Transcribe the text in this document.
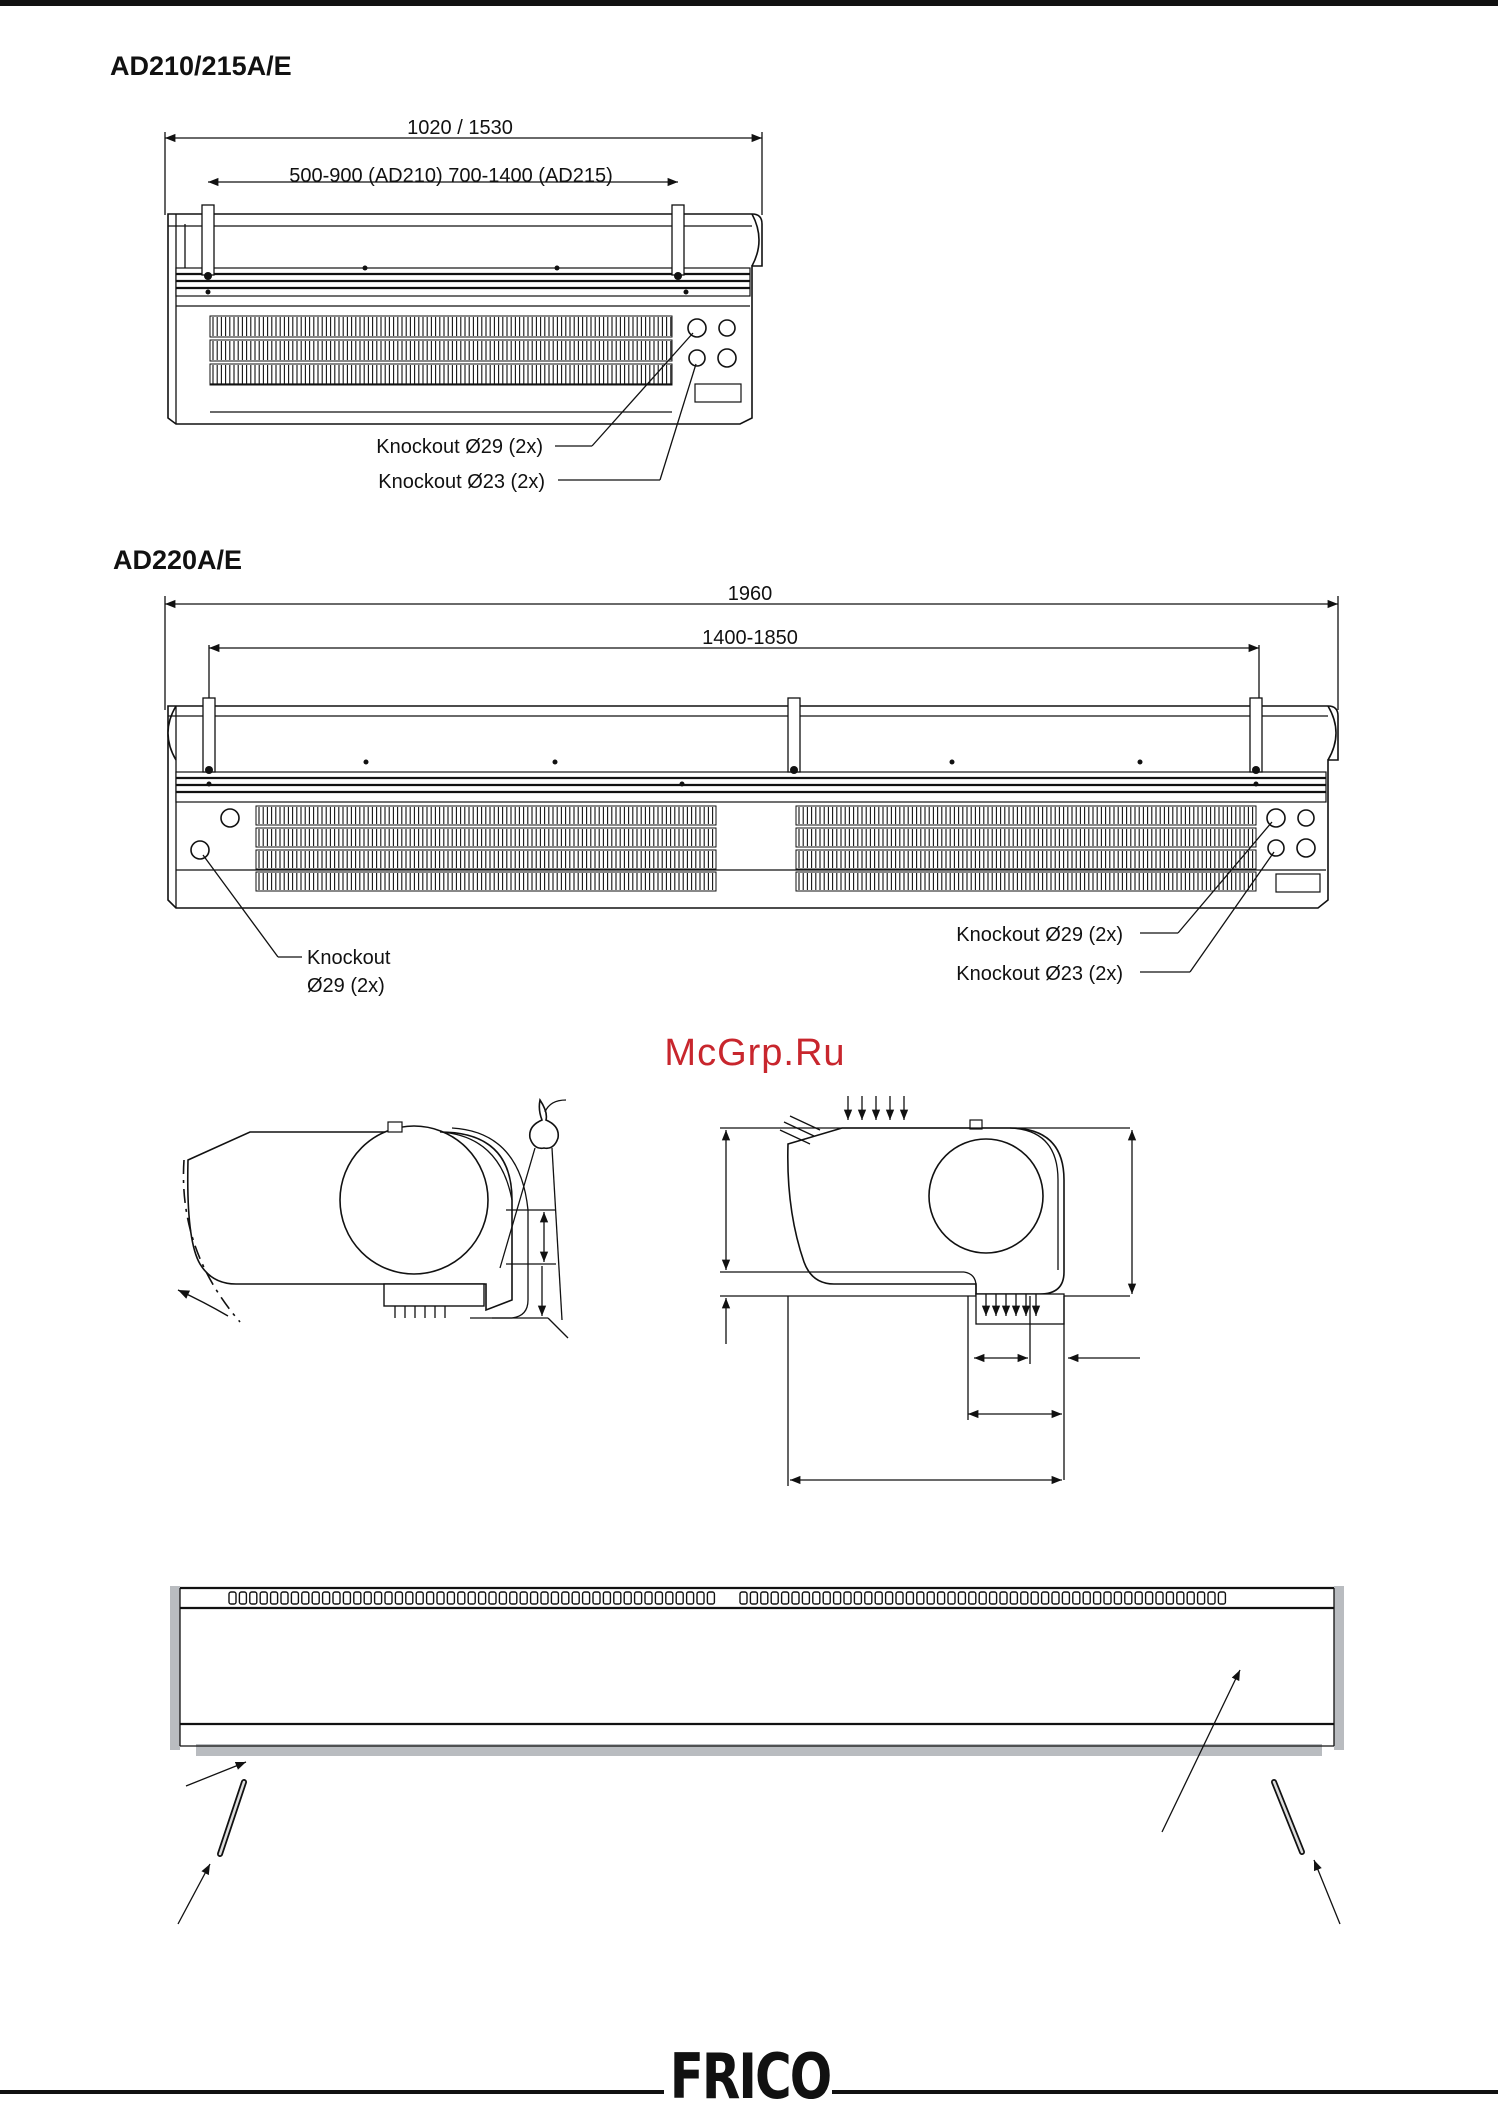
AD210/215A/E
1020 / 1530
500-900 (AD210) 700-1400 (AD215)
Knockout Ø29 (2x)
Knockout Ø23 (2x)
AD220A/E
1960
1400-1850
Knockout
Ø29 (2x)
Knockout Ø29 (2x)
Knockout Ø23 (2x)
McGrp.Ru
FRICO
